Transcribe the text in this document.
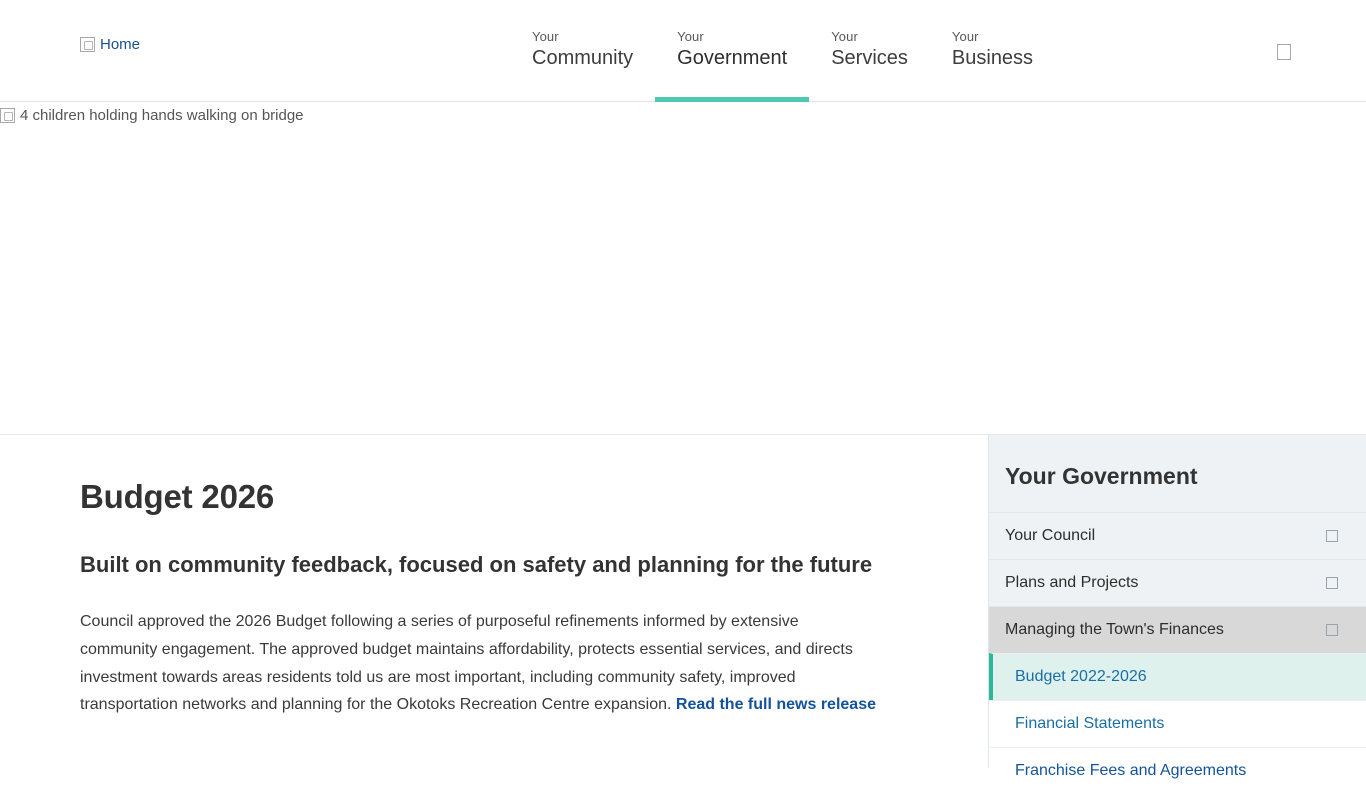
Home	Your
Community
Your
Government
Your
Services
Your
Business
4 children holding hands walking on bridge
Budget 2026
Built on community feedback, focused on safety and planning for the future

Council approved the 2026 Budget following a series of purposeful refinements informed by extensive community engagement. The approved budget maintains affordability, protects essential services, and directs investment towards areas residents told us are most important, including community safety, improved transportation networks and planning for the Okotoks Recreation Centre expansion. Read the full news release

Your Government
Your Council
Plans and Projects
Managing the Town's Finances
Budget 2022-2026
Financial Statements
Franchise Fees and Agreements
